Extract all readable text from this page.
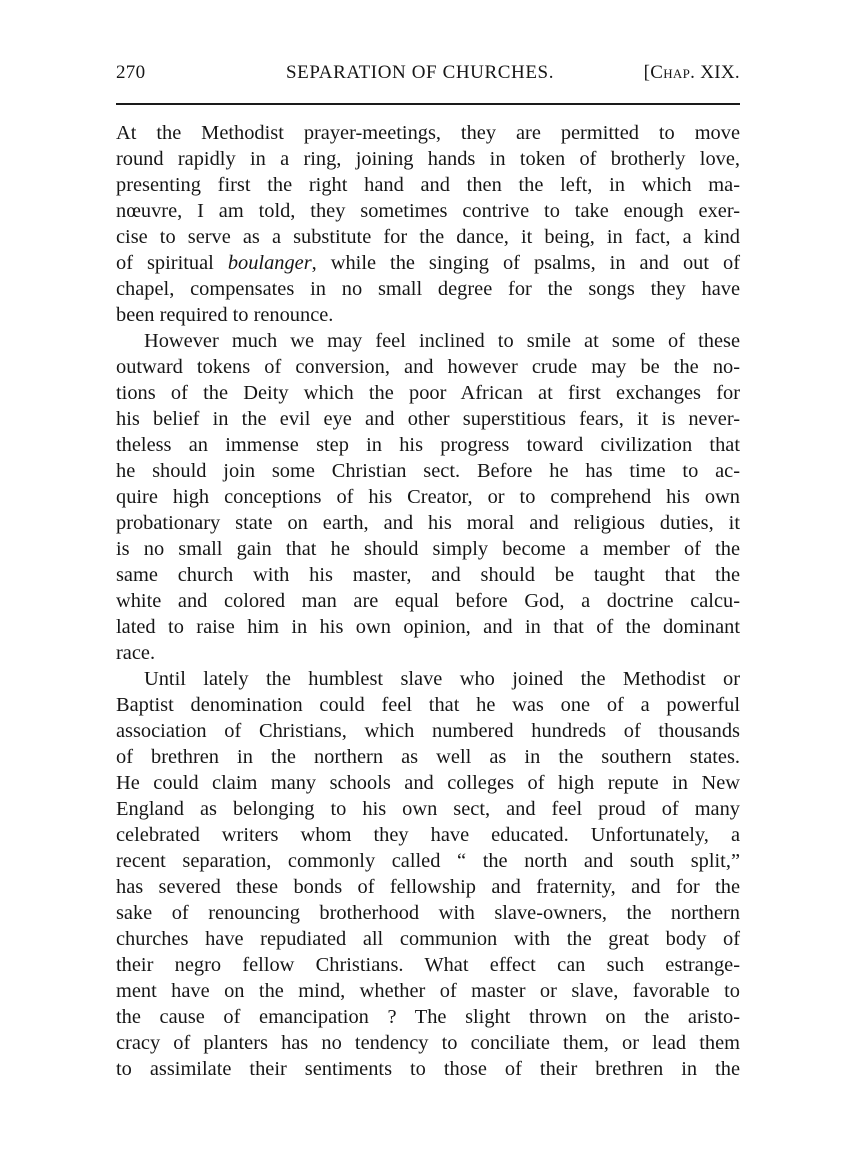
270	SEPARATION OF CHURCHES.	[Chap. XIX.
At the Methodist prayer-meetings, they are permitted to move
round rapidly in a ring, joining hands in token of brotherly love,
presenting first the right hand and then the left, in which ma-
nœuvre, I am told, they sometimes contrive to take enough exer-
cise to serve as a substitute for the dance, it being, in fact, a kind
of spiritual boulanger, while the singing of psalms, in and out of
chapel, compensates in no small degree for the songs they have
been required to renounce.
However much we may feel inclined to smile at some of these
outward tokens of conversion, and however crude may be the no-
tions of the Deity which the poor African at first exchanges for
his belief in the evil eye and other superstitious fears, it is never-
theless an immense step in his progress toward civilization that
he should join some Christian sect. Before he has time to ac-
quire high conceptions of his Creator, or to comprehend his own
probationary state on earth, and his moral and religious duties, it
is no small gain that he should simply become a member of the
same church with his master, and should be taught that the
white and colored man are equal before God, a doctrine calcu-
lated to raise him in his own opinion, and in that of the dominant
race.
Until lately the humblest slave who joined the Methodist or
Baptist denomination could feel that he was one of a powerful
association of Christians, which numbered hundreds of thousands
of brethren in the northern as well as in the southern states.
He could claim many schools and colleges of high repute in New
England as belonging to his own sect, and feel proud of many
celebrated writers whom they have educated. Unfortunately, a
recent separation, commonly called “ the north and south split,”
has severed these bonds of fellowship and fraternity, and for the
sake of renouncing brotherhood with slave-owners, the northern
churches have repudiated all communion with the great body of
their negro fellow Christians. What effect can such estrange-
ment have on the mind, whether of master or slave, favorable to
the cause of emancipation ? The slight thrown on the aristo-
cracy of planters has no tendency to conciliate them, or lead them
to assimilate their sentiments to those of their brethren in the
